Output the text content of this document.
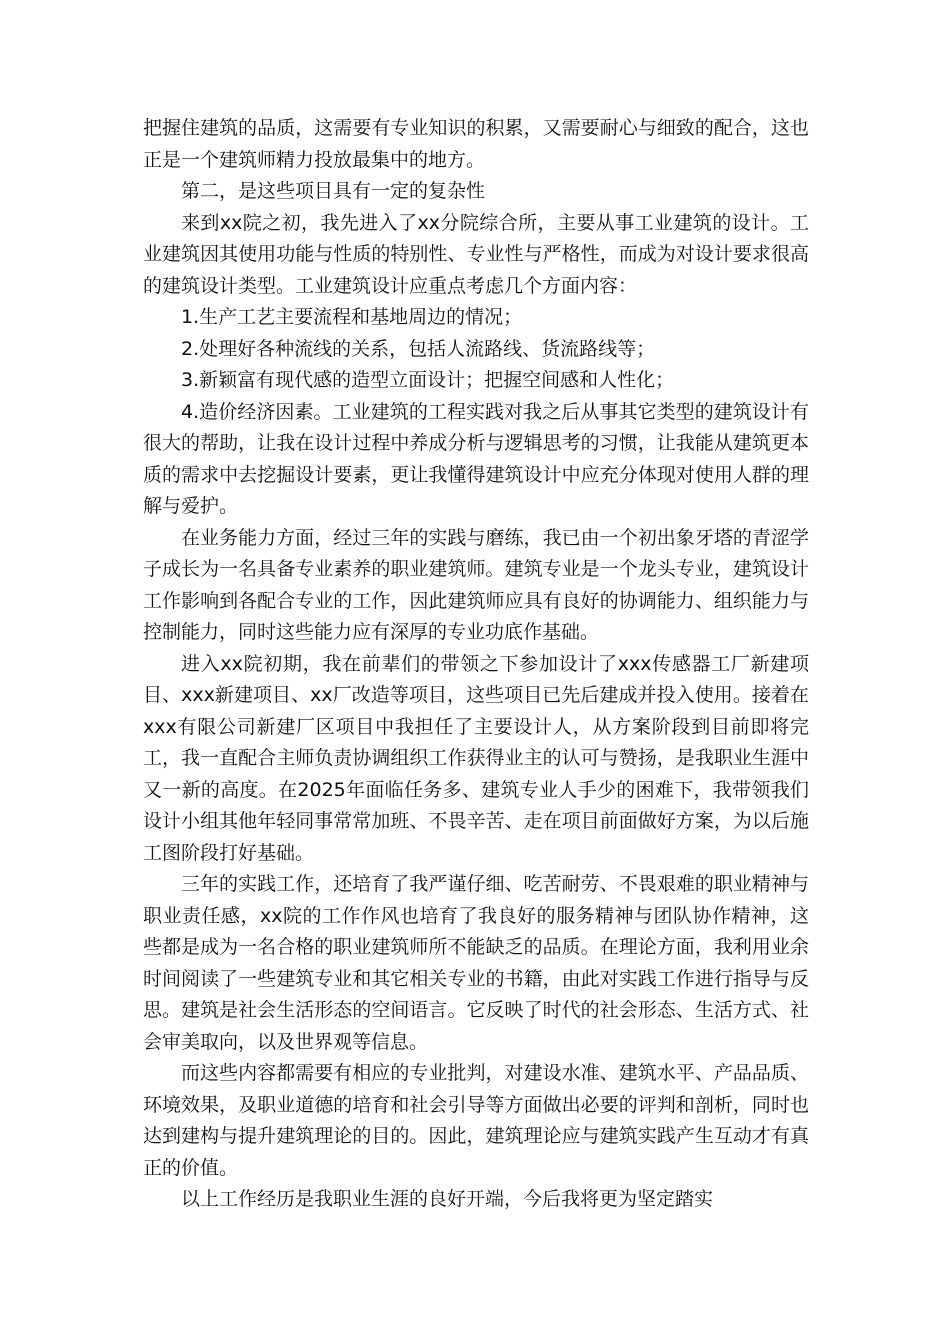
把握住建筑的品质，这需要有专业知识的积累，又需要耐心与细致的配合，这也正是一个建筑师精力投放最集中的地方。

第二，是这些项目具有一定的复杂性

来到xx院之初，我先进入了xx分院综合所，主要从事工业建筑的设计。工业建筑因其使用功能与性质的特别性、专业性与严格性，而成为对设计要求很高的建筑设计类型。工业建筑设计应重点考虑几个方面内容：

1.生产工艺主要流程和基地周边的情况；

2.处理好各种流线的关系，包括人流路线、货流路线等；

3.新颖富有现代感的造型立面设计；把握空间感和人性化；

4.造价经济因素。工业建筑的工程实践对我之后从事其它类型的建筑设计有很大的帮助，让我在设计过程中养成分析与逻辑思考的习惯，让我能从建筑更本质的需求中去挖掘设计要素，更让我懂得建筑设计中应充分体现对使用人群的理解与爱护。

在业务能力方面，经过三年的实践与磨练，我已由一个初出象牙塔的青涩学子成长为一名具备专业素养的职业建筑师。建筑专业是一个龙头专业，建筑设计工作影响到各配合专业的工作，因此建筑师应具有良好的协调能力、组织能力与控制能力，同时这些能力应有深厚的专业功底作基础。

进入xx院初期，我在前辈们的带领之下参加设计了xxx传感器工厂新建项目、xxx新建项目、xx厂改造等项目，这些项目已先后建成并投入使用。接着在xxx有限公司新建厂区项目中我担任了主要设计人，从方案阶段到目前即将完工，我一直配合主师负责协调组织工作获得业主的认可与赞扬，是我职业生涯中又一新的高度。在2025年面临任务多、建筑专业人手少的困难下，我带领我们设计小组其他年轻同事常常加班、不畏辛苦、走在项目前面做好方案，为以后施工图阶段打好基础。

三年的实践工作，还培育了我严谨仔细、吃苦耐劳、不畏艰难的职业精神与职业责任感，xx院的工作作风也培育了我良好的服务精神与团队协作精神，这些都是成为一名合格的职业建筑师所不能缺乏的品质。在理论方面，我利用业余时间阅读了一些建筑专业和其它相关专业的书籍，由此对实践工作进行指导与反思。建筑是社会生活形态的空间语言。它反映了时代的社会形态、生活方式、社会审美取向，以及世界观等信息。

而这些内容都需要有相应的专业批判，对建设水准、建筑水平、产品品质、环境效果，及职业道德的培育和社会引导等方面做出必要的评判和剖析，同时也达到建构与提升建筑理论的目的。因此，建筑理论应与建筑实践产生互动才有真正的价值。

以上工作经历是我职业生涯的良好开端，今后我将更为坚定踏实
